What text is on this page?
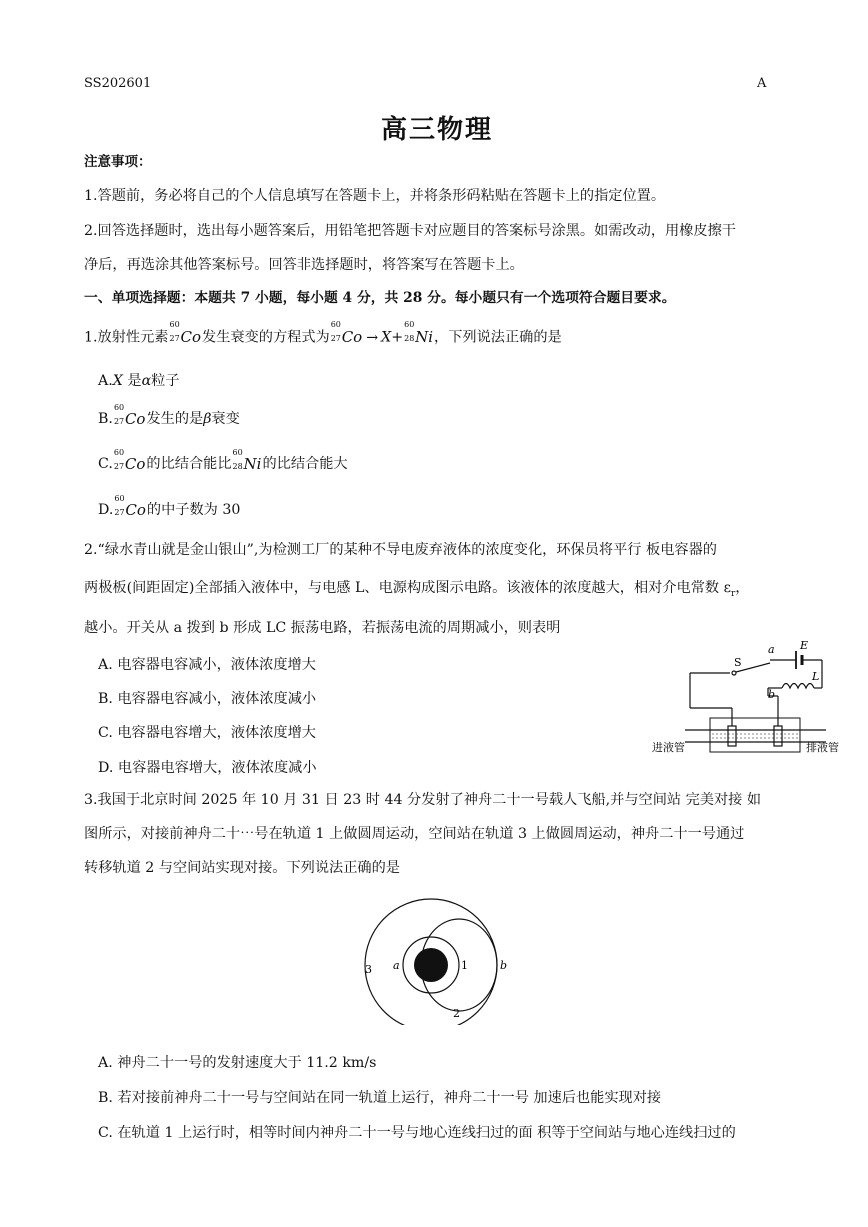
SS202601	A
高三物理
注意事项：
1.答题前，务必将自己的个人信息填写在答题卡上，并将条形码粘贴在答题卡上的指定位置。
2.回答选择题时，选出每小题答案后，用铅笔把答题卡对应题目的答案标号涂黑。如需改动，用橡皮擦干
净后，再选涂其他答案标号。回答非选择题时，将答案写在答题卡上。
一、单项选择题：本题共 7 小题，每小题 4 分，共 28 分。每小题只有一个选项符合题目要求。
1.放射性元素
60
27 Co发生衰变的方程式为
60
27 Co → X+
60
28 Ni，下列说法正确的是
A.X 是α粒子
B.
60
27 Co发生的是β衰变
C.
60
27 Co的比结合能比
60
28 Ni的比结合能大
D.
60
27 Co的中子数为 30
2.“绿水青山就是金山银山”,为检测工厂的某种不导电废弃液体的浓度变化，环保员将平行 板电容器的
两极板(间距固定)全部插入液体中，与电感 L、电源构成图示电路。该液体的浓度越大，相对介电常数 $\varepsilon_r$，
越小。开关从 a 拨到 b 形成 LC 振荡电路，若振荡电流的周期减小，则表明
A. 电容器电容减小，液体浓度增大
B. 电容器电容减小，液体浓度减小
C. 电容器电容增大，液体浓度增大
D. 电容器电容增大，液体浓度减小
S
a E
L
b
进液管	排液管
3.我国于北京时间 2025 年 10 月 31 日 23 时 44 分发射了神舟二十一号载人飞船,并与空间站 完美对接 如
图所示，对接前神舟二十⋯号在轨道 1 上做圆周运动，空间站在轨道 3 上做圆周运动，神舟二十一号通过
转移轨道 2 与空间站实现对接。下列说法正确的是
3 a	1	b
2
A. 神舟二十一号的发射速度大于 11.2 km/s
B. 若对接前神舟二十一号与空间站在同一轨道上运行，神舟二十一号 加速后也能实现对接
C. 在轨道 1 上运行时，相等时间内神舟二十一号与地心连线扫过的面 积等于空间站与地心连线扫过的
